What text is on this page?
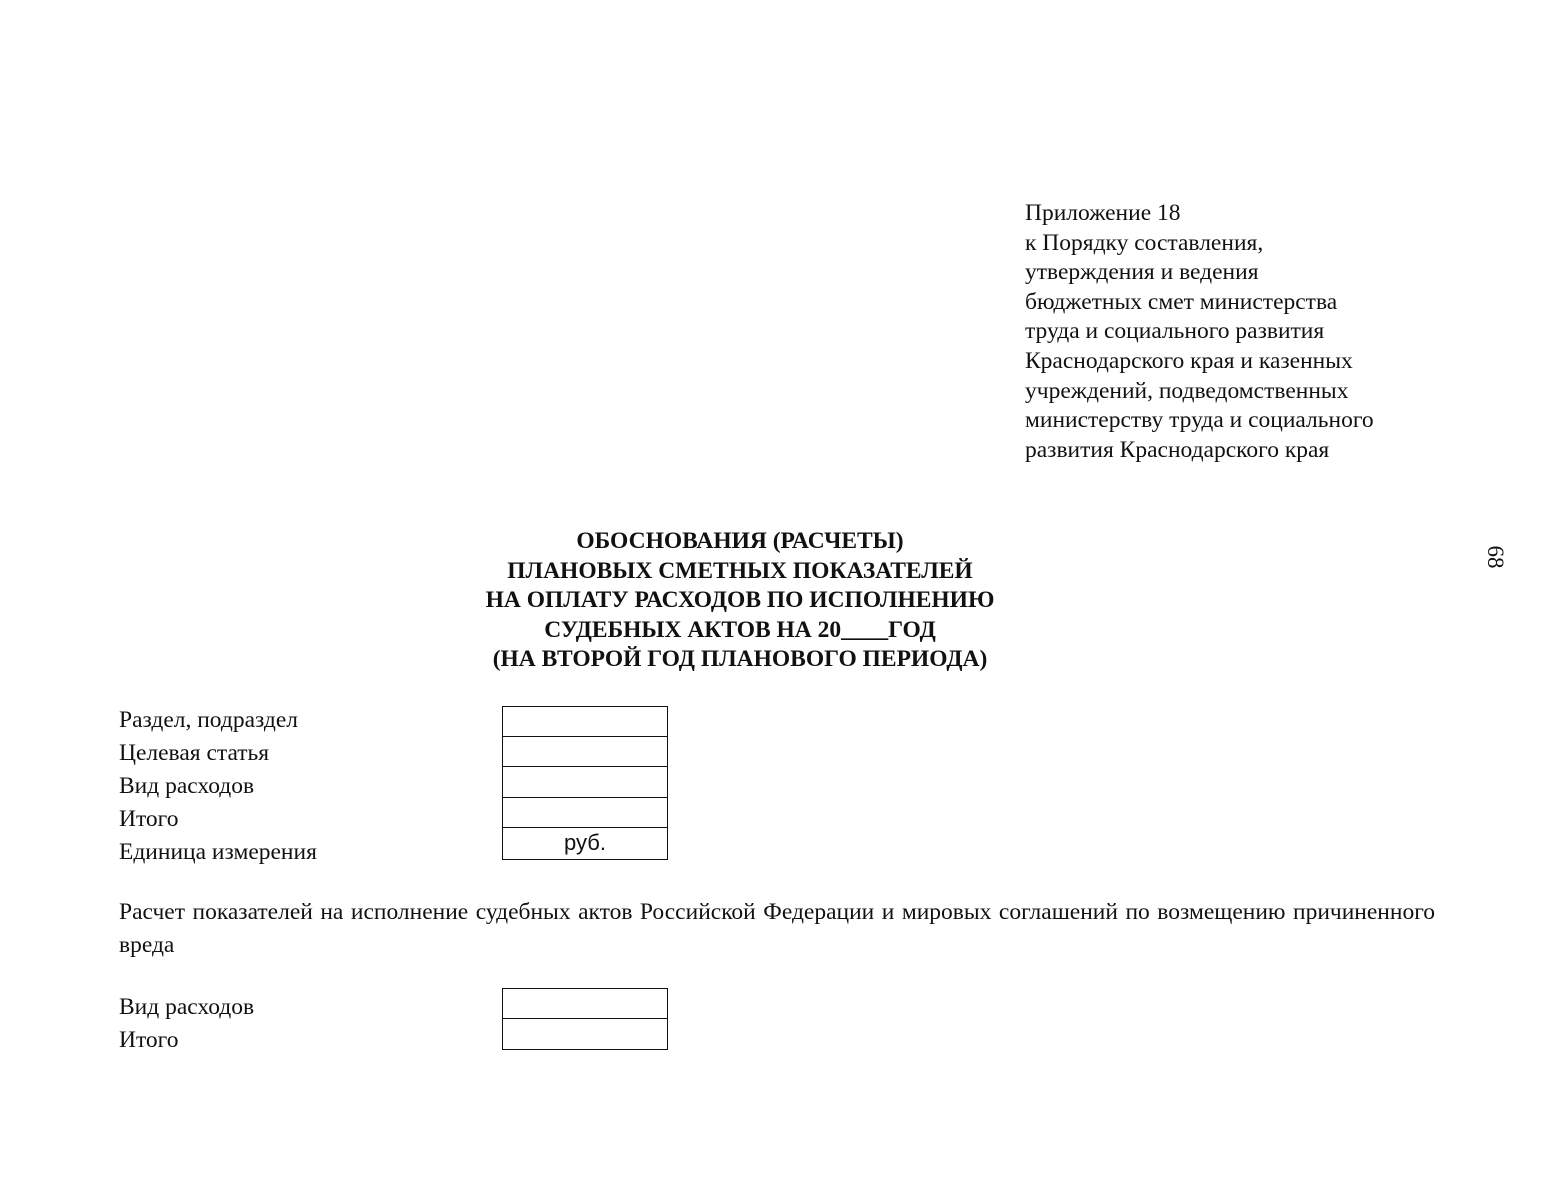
Приложение 18
к Порядку составления,
утверждения и ведения
бюджетных смет министерства
труда и социального развития
Краснодарского края и казенных
учреждений, подведомственных
министерству труда и социального
развития Краснодарского края
68
ОБОСНОВАНИЯ (РАСЧЕТЫ)
ПЛАНОВЫХ СМЕТНЫХ ПОКАЗАТЕЛЕЙ
НА ОПЛАТУ РАСХОДОВ ПО ИСПОЛНЕНИЮ
СУДЕБНЫХ АКТОВ НА 20____ГОД
(НА ВТОРОЙ ГОД ПЛАНОВОГО ПЕРИОДА)
Раздел, подраздел
Целевая статья
Вид расходов
Итого
Единица измерения	руб.
Расчет показателей на исполнение судебных актов Российской Федерации и мировых соглашений по возмещению причиненного вреда
Вид расходов
Итого
